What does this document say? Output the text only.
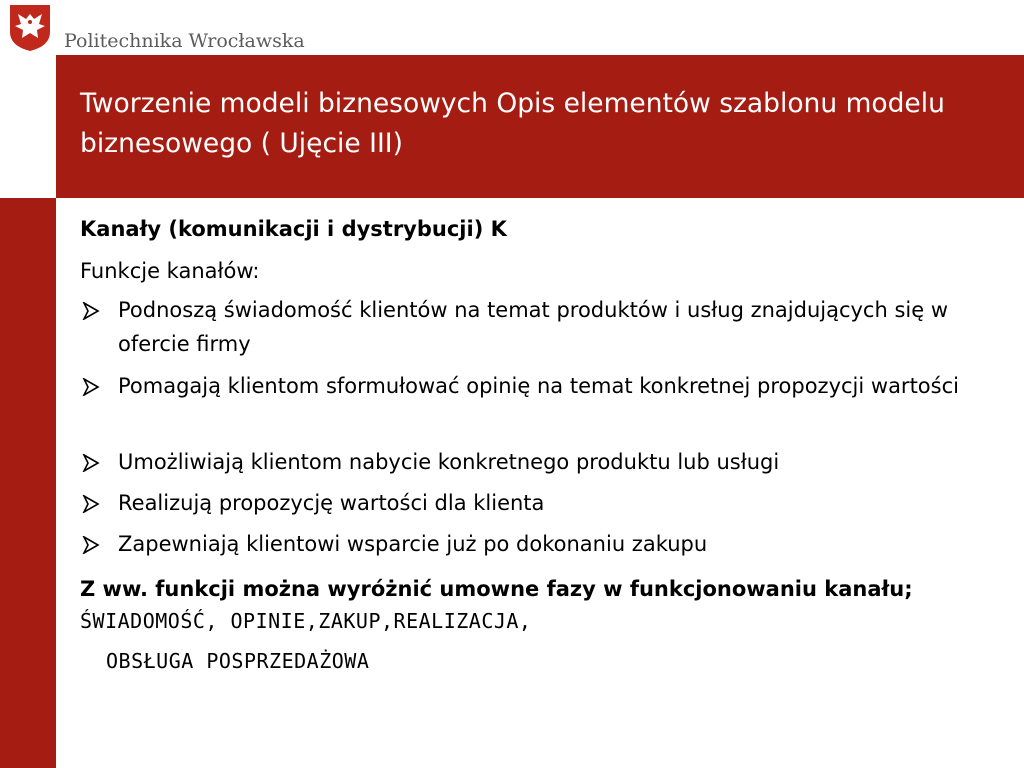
Politechnika Wrocławska
Tworzenie modeli biznesowych Opis elementów szablonu modelu biznesowego ( Ujęcie III)
Kanały (komunikacji i dystrybucji) K
Funkcje kanałów:
Podnoszą świadomość klientów na temat produktów i usług znajdujących się w ofercie firmy
Pomagają klientom sformułować opinię na temat konkretnej propozycji wartości
Umożliwiają klientom nabycie konkretnego produktu lub usługi
Realizują propozycję wartości dla klienta
Zapewniają klientowi wsparcie już po dokonaniu zakupu
Z ww. funkcji można wyróżnić umowne fazy w funkcjonowaniu kanału; ŚWIADOMOŚĆ, OPINIE,ZAKUP,REALIZACJA,
OBSŁUGA POSPRZEDAŻOWA
